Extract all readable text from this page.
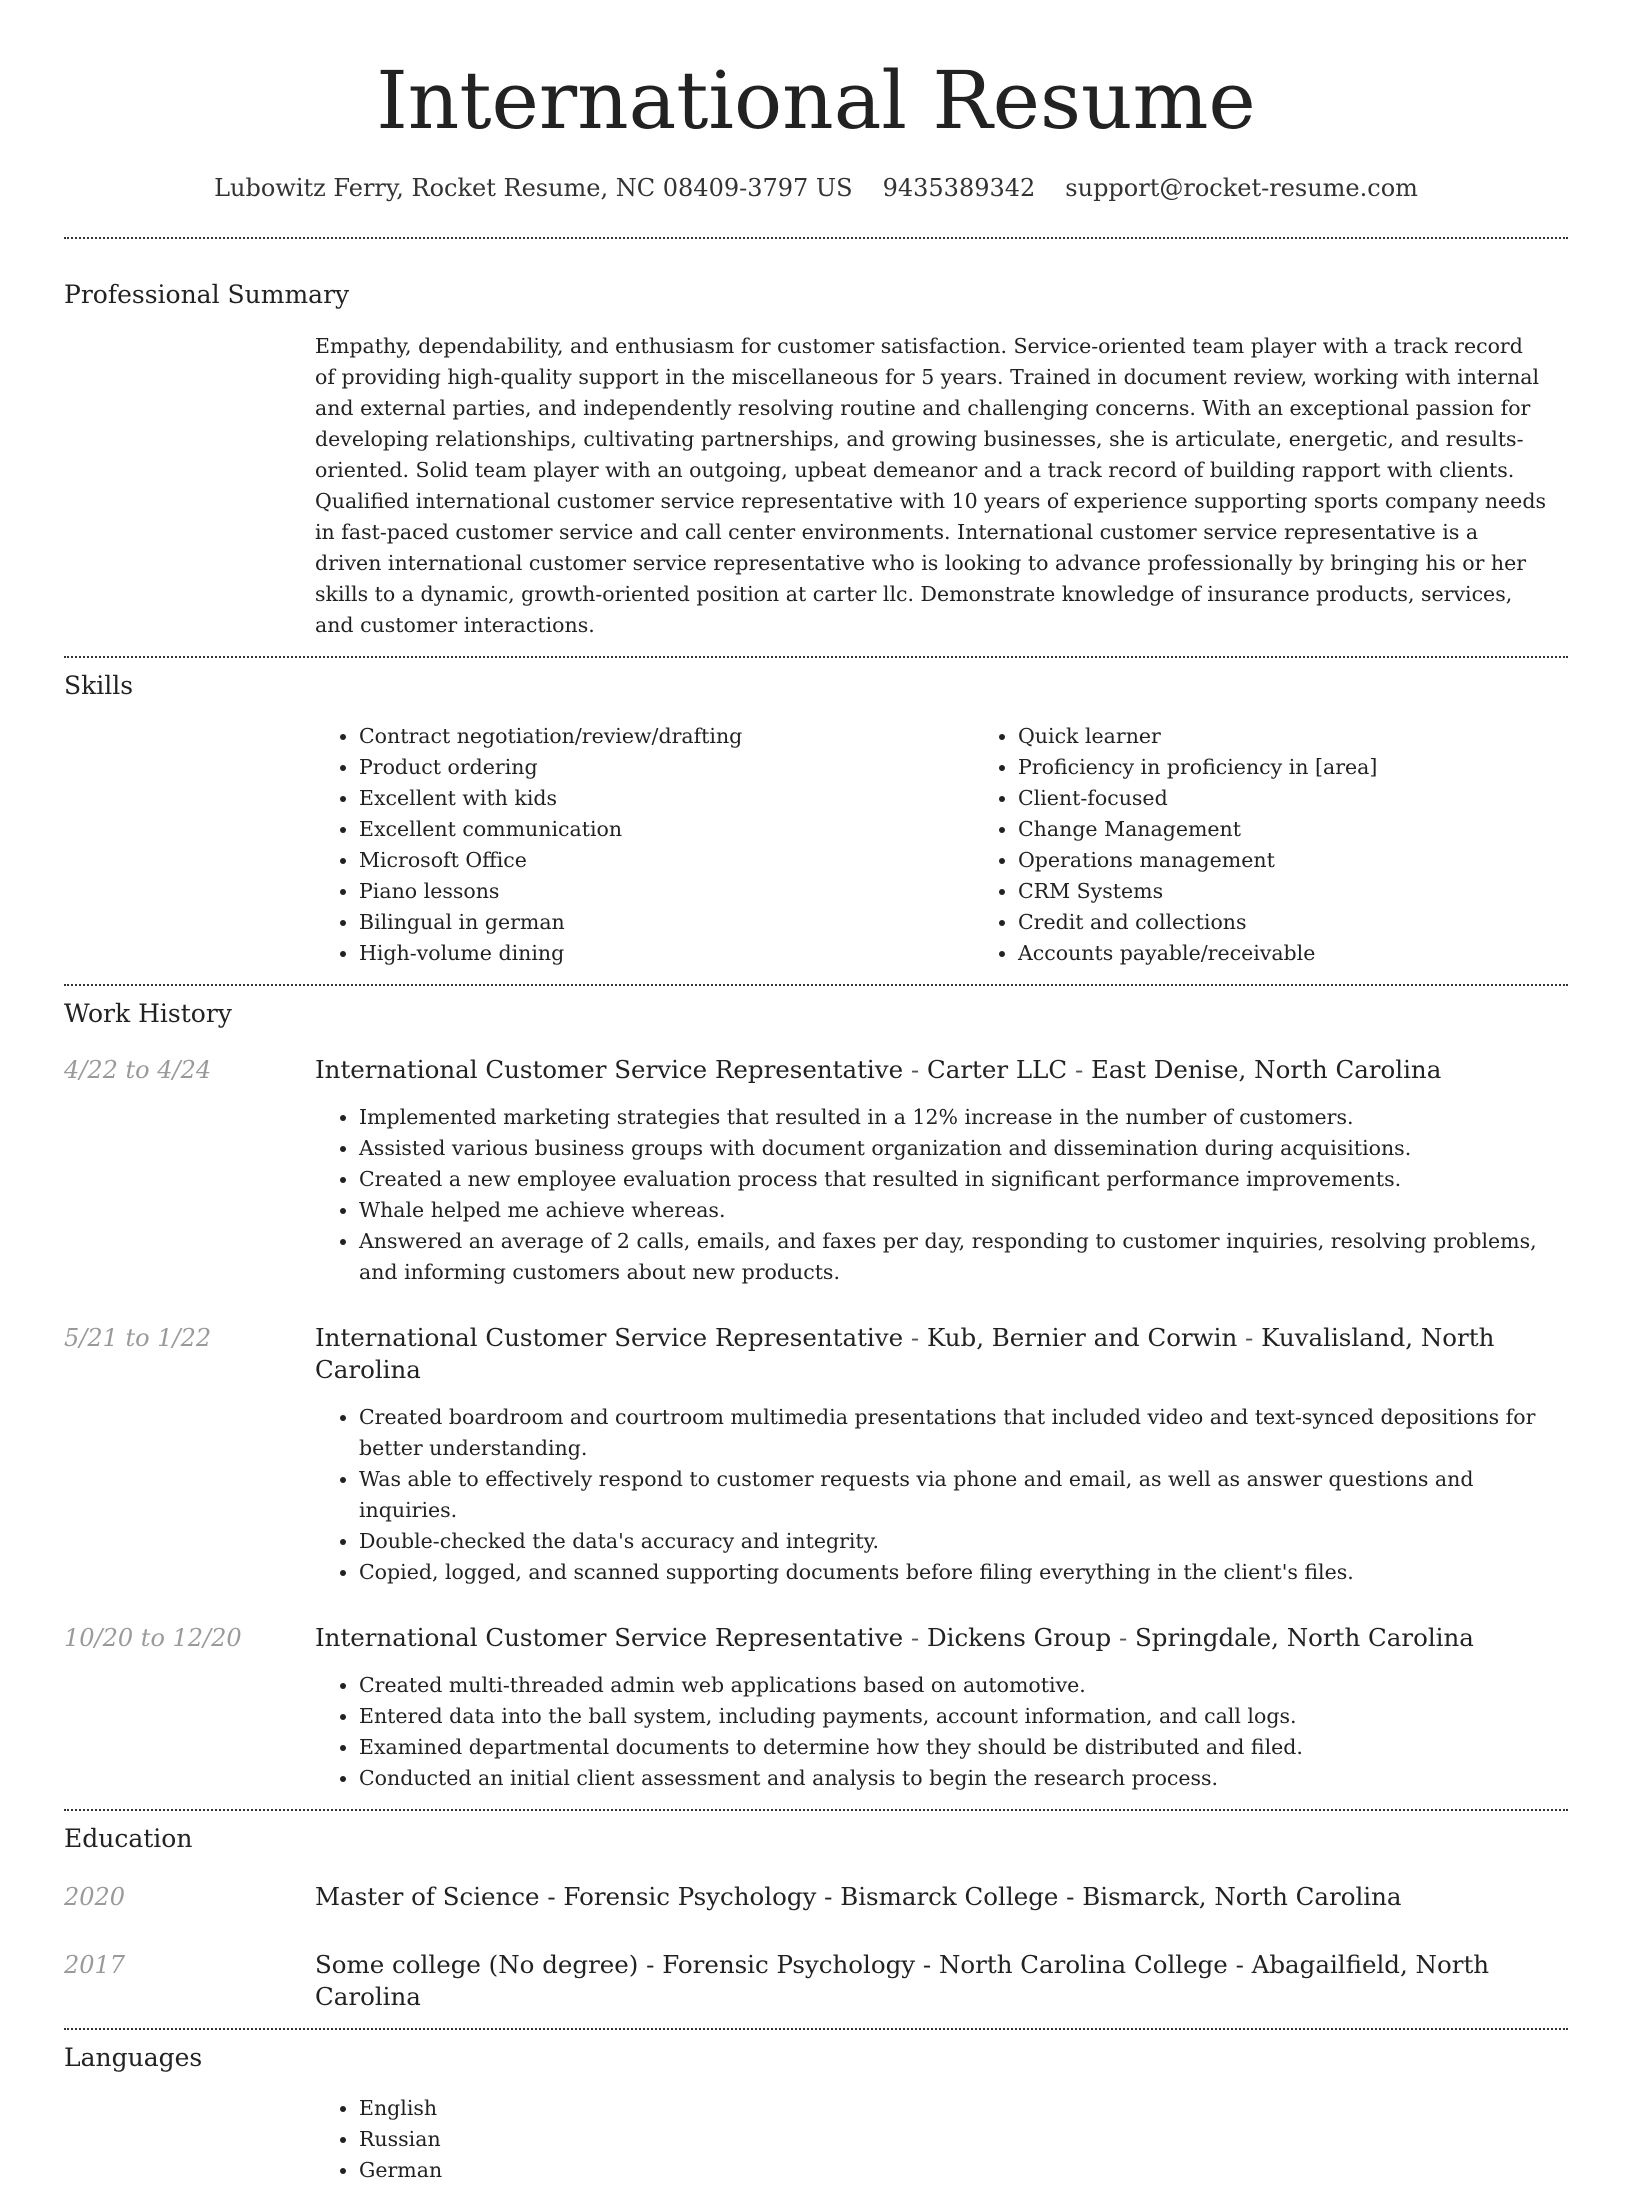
International Resume
Lubowitz Ferry, Rocket Resume, NC 08409-3797 US 9435389342 support@rocket-resume.com
Professional Summary

Empathy, dependability, and enthusiasm for customer satisfaction. Service-oriented team player with a track record of providing high-quality support in the miscellaneous for 5 years. Trained in document review, working with internal and external parties, and independently resolving routine and challenging concerns. With an exceptional passion for developing relationships, cultivating partnerships, and growing businesses, she is articulate, energetic, and results-oriented. Solid team player with an outgoing, upbeat demeanor and a track record of building rapport with clients. Qualified international customer service representative with 10 years of experience supporting sports company needs in fast-paced customer service and call center environments. International customer service representative is a driven international customer service representative who is looking to advance professionally by bringing his or her skills to a dynamic, growth-oriented position at carter llc. Demonstrate knowledge of insurance products, services, and customer interactions.

Skills
• Contract negotiation/review/drafting
• Product ordering
• Excellent with kids
• Excellent communication
• Microsoft Office
• Piano lessons
• Bilingual in german
• High-volume dining
• Quick learner
• Proficiency in proficiency in [area]
• Client-focused
• Change Management
• Operations management
• CRM Systems
• Credit and collections
• Accounts payable/receivable
Work History
4/22 to 4/24	International Customer Service Representative - Carter LLC - East Denise, North Carolina
• Implemented marketing strategies that resulted in a 12% increase in the number of customers.
• Assisted various business groups with document organization and dissemination during acquisitions.
• Created a new employee evaluation process that resulted in significant performance improvements.
• Whale helped me achieve whereas.
• Answered an average of 2 calls, emails, and faxes per day, responding to customer inquiries, resolving problems, and informing customers about new products.
5/21 to 1/22	International Customer Service Representative - Kub, Bernier and Corwin - Kuvalisland, North Carolina
• Created boardroom and courtroom multimedia presentations that included video and text-synced depositions for better understanding.
• Was able to effectively respond to customer requests via phone and email, as well as answer questions and inquiries.
• Double-checked the data's accuracy and integrity.
• Copied, logged, and scanned supporting documents before filing everything in the client's files.
10/20 to 12/20	International Customer Service Representative - Dickens Group - Springdale, North Carolina
• Created multi-threaded admin web applications based on automotive.
• Entered data into the ball system, including payments, account information, and call logs.
• Examined departmental documents to determine how they should be distributed and filed.
• Conducted an initial client assessment and analysis to begin the research process.
Education
2020	Master of Science - Forensic Psychology - Bismarck College - Bismarck, North Carolina
2017	Some college (No degree) - Forensic Psychology - North Carolina College - Abagailfield, North Carolina
Languages
• English
• Russian
• German
